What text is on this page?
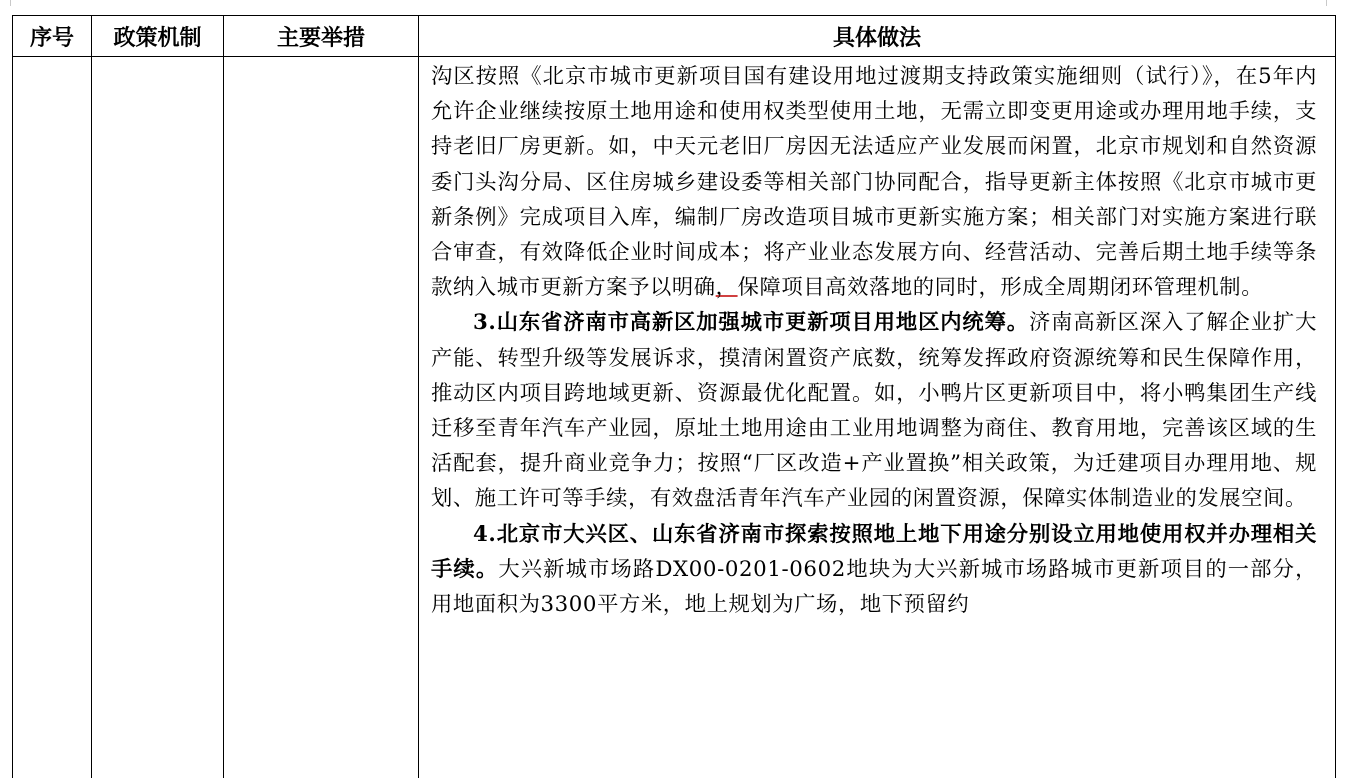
序号	政策机制	主要举措	具体做法

			沟区按照《北京市城市更新项目国有建设用地过渡期支持政策实施细则（试行）》，在5年内允许企业继续按原土地用途和使用权类型使用土地，无需立即变更用途或办理用地手续，支持老旧厂房更新。如，中天元老旧厂房因无法适应产业发展而闲置，北京市规划和自然资源委门头沟分局、区住房城乡建设委等相关部门协同配合，指导更新主体按照《北京市城市更新条例》完成项目入库，编制厂房改造项目城市更新实施方案；相关部门对实施方案进行联合审查，有效降低企业时间成本；将产业业态发展方向、经营活动、完善后期土地手续等条款纳入城市更新方案予以明确，保障项目高效落地的同时，形成全周期闭环管理机制。

3.山东省济南市高新区加强城市更新项目用地区内统筹。济南高新区深入了解企业扩大产能、转型升级等发展诉求，摸清闲置资产底数，统筹发挥政府资源统筹和民生保障作用，推动区内项目跨地域更新、资源最优化配置。如，小鸭片区更新项目中，将小鸭集团生产线迁移至青年汽车产业园，原址土地用途由工业用地调整为商住、教育用地，完善该区域的生活配套，提升商业竞争力；按照“厂区改造+产业置换”相关政策，为迁建项目办理用地、规划、施工许可等手续，有效盘活青年汽车产业园的闲置资源，保障实体制造业的发展空间。

4.北京市大兴区、山东省济南市探索按照地上地下用途分别设立用地使用权并办理相关手续。大兴新城市场路DX00-0201-0602地块为大兴新城市场路城市更新项目的一部分，用地面积为3300平方米，地上规划为广场，地下预留约
